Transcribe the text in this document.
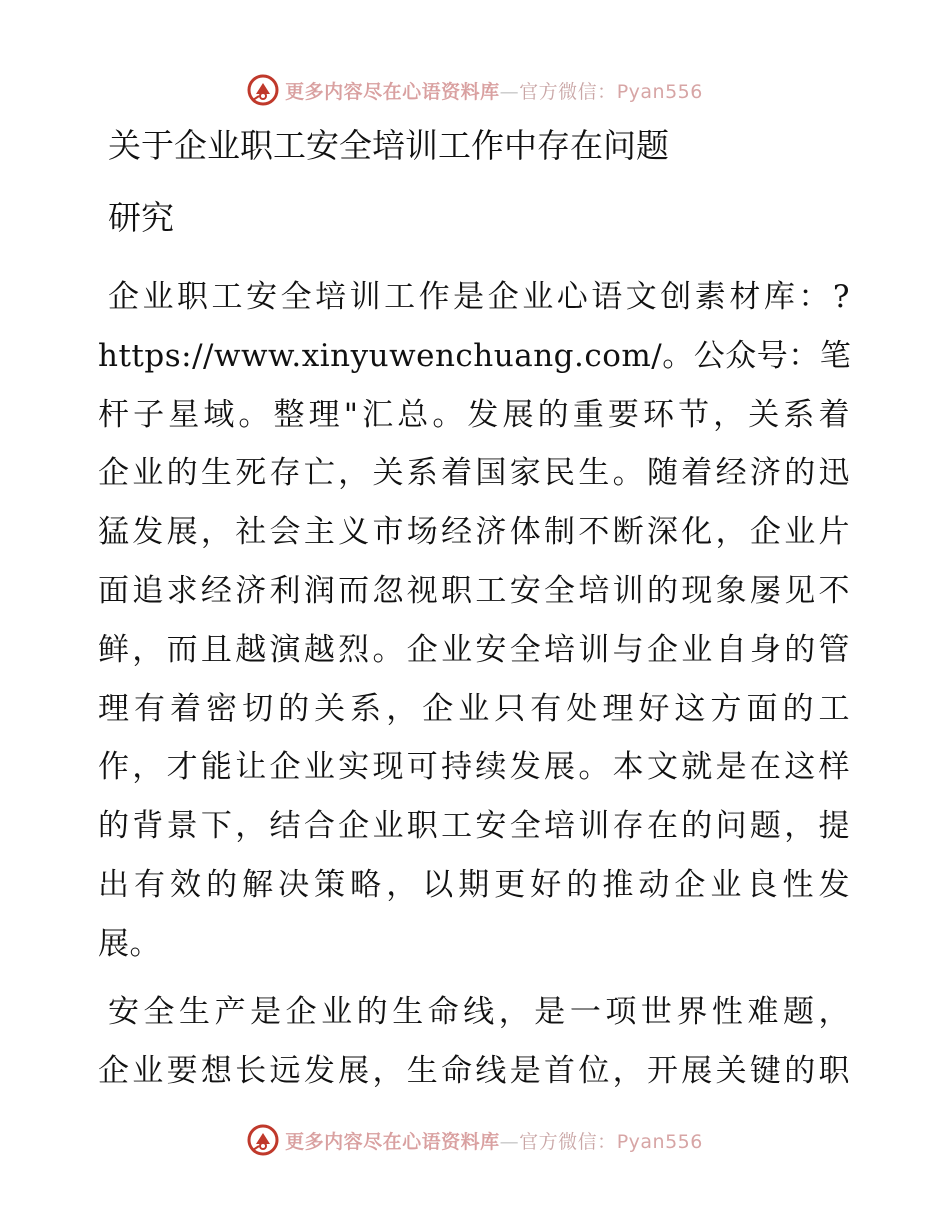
更多内容尽在心语资料库—官方微信：Pyan556
关于企业职工安全培训工作中存在问题
研究
企业职工安全培训工作是企业心语文创素材库：?
https://www.xinyuwenchuang.com/。公众号：笔
杆子星域。整理"汇总。发展的重要环节，关系着
企业的生死存亡，关系着国家民生。随着经济的迅
猛发展，社会主义市场经济体制不断深化，企业片
面追求经济利润而忽视职工安全培训的现象屡见不
鲜，而且越演越烈。企业安全培训与企业自身的管
理有着密切的关系，企业只有处理好这方面的工
作，才能让企业实现可持续发展。本文就是在这样
的背景下，结合企业职工安全培训存在的问题，提
出有效的解决策略，以期更好的推动企业良性发
展。
安全生产是企业的生命线，是一项世界性难题，
企业要想长远发展，生命线是首位，开展关键的职
更多内容尽在心语资料库—官方微信：Pyan556
